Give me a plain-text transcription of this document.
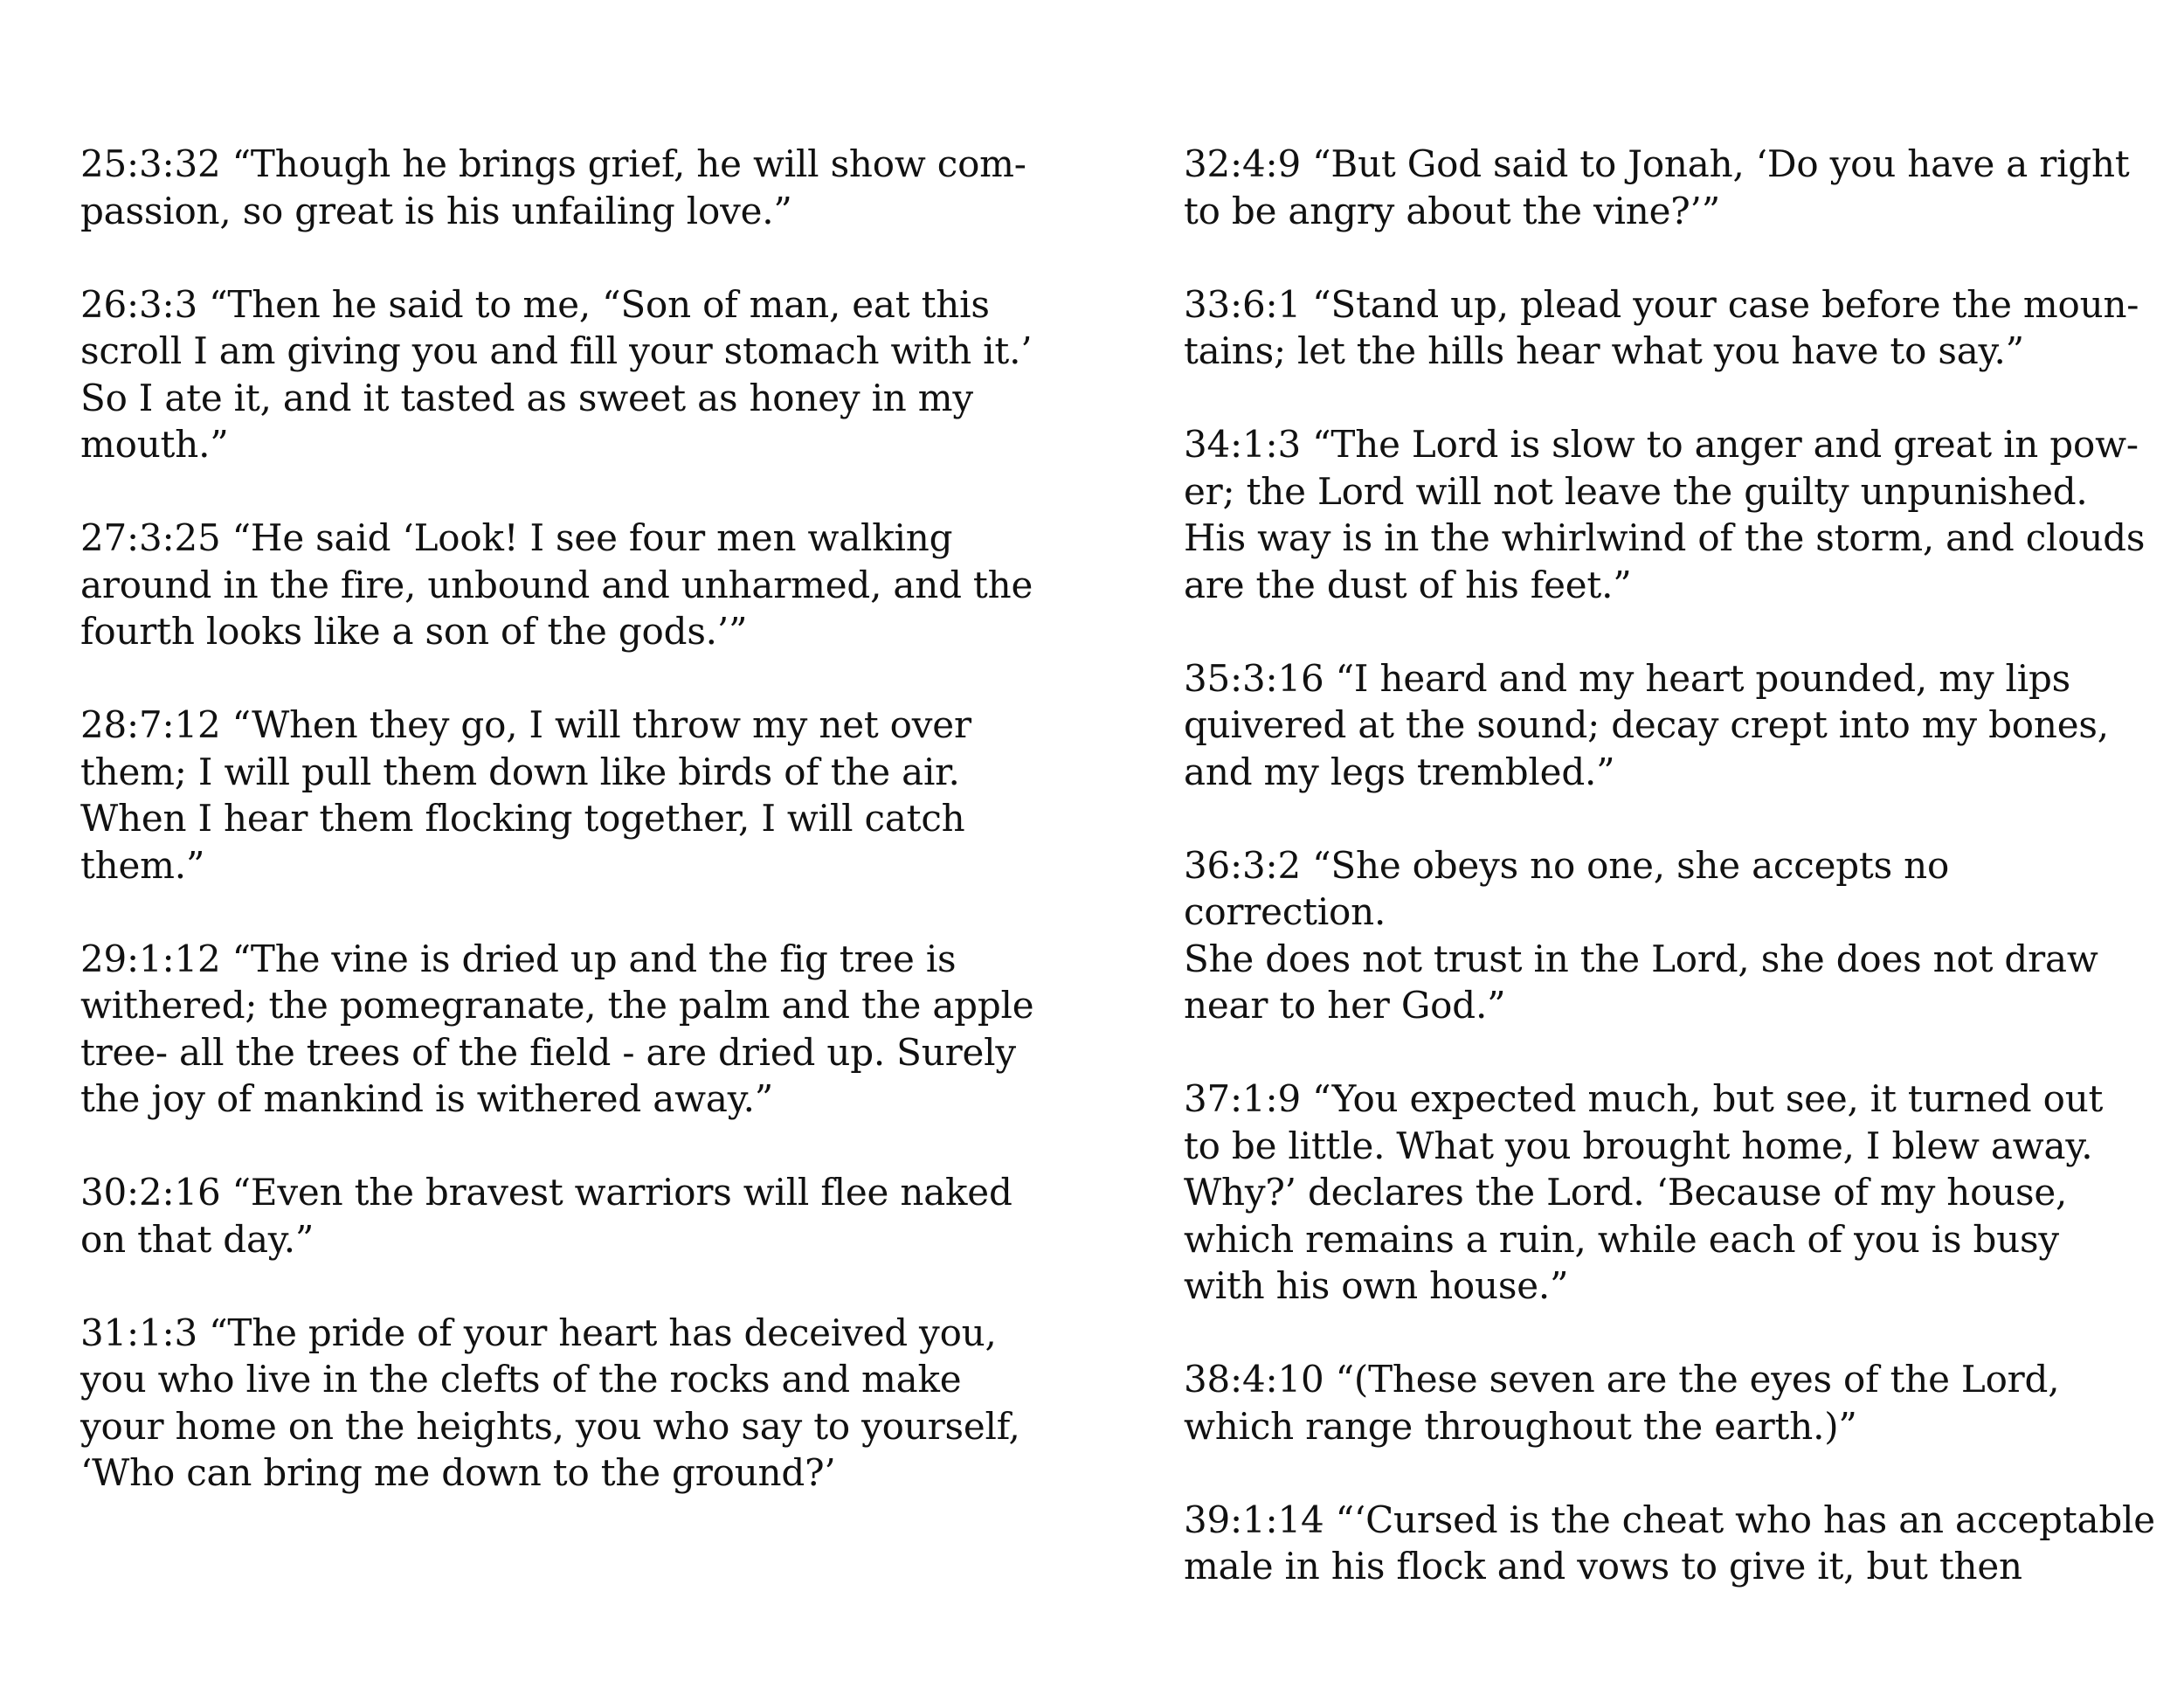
25:3:32 “Though he brings grief, he will show com-
passion, so great is his unfailing love.”

26:3:3 “Then he said to me, “Son of man, eat this
scroll I am giving you and fill your stomach with it.’
So I ate it, and it tasted as sweet as honey in my
mouth.”

27:3:25 “He said ‘Look! I see four men walking
around in the fire, unbound and unharmed, and the
fourth looks like a son of the gods.’”

28:7:12 “When they go, I will throw my net over
them; I will pull them down like birds of the air.
When I hear them flocking together, I will catch
them.”

29:1:12 “The vine is dried up and the fig tree is
withered; the pomegranate, the palm and the apple
tree- all the trees of the field - are dried up. Surely
the joy of mankind is withered away.”

30:2:16 “Even the bravest warriors will flee naked
on that day.”

31:1:3 “The pride of your heart has deceived you,
you who live in the clefts of the rocks and make
your home on the heights, you who say to yourself,
‘Who can bring me down to the ground?’

32:4:9 “But God said to Jonah, ‘Do you have a right
to be angry about the vine?’”

33:6:1 “Stand up, plead your case before the moun-
tains; let the hills hear what you have to say.”

34:1:3 “The Lord is slow to anger and great in pow-
er; the Lord will not leave the guilty unpunished.
His way is in the whirlwind of the storm, and clouds
are the dust of his feet.”

35:3:16 “I heard and my heart pounded, my lips
quivered at the sound; decay crept into my bones,
and my legs trembled.”

36:3:2 “She obeys no one, she accepts no correction.
She does not trust in the Lord, she does not draw
near to her God.”

37:1:9 “You expected much, but see, it turned out
to be little. What you brought home, I blew away.
Why?’ declares the Lord. ‘Because of my house,
which remains a ruin, while each of you is busy
with his own house.”

38:4:10 “(These seven are the eyes of the Lord,
which range throughout the earth.)”

39:1:14 “‘Cursed is the cheat who has an acceptable
male in his flock and vows to give it, but then
